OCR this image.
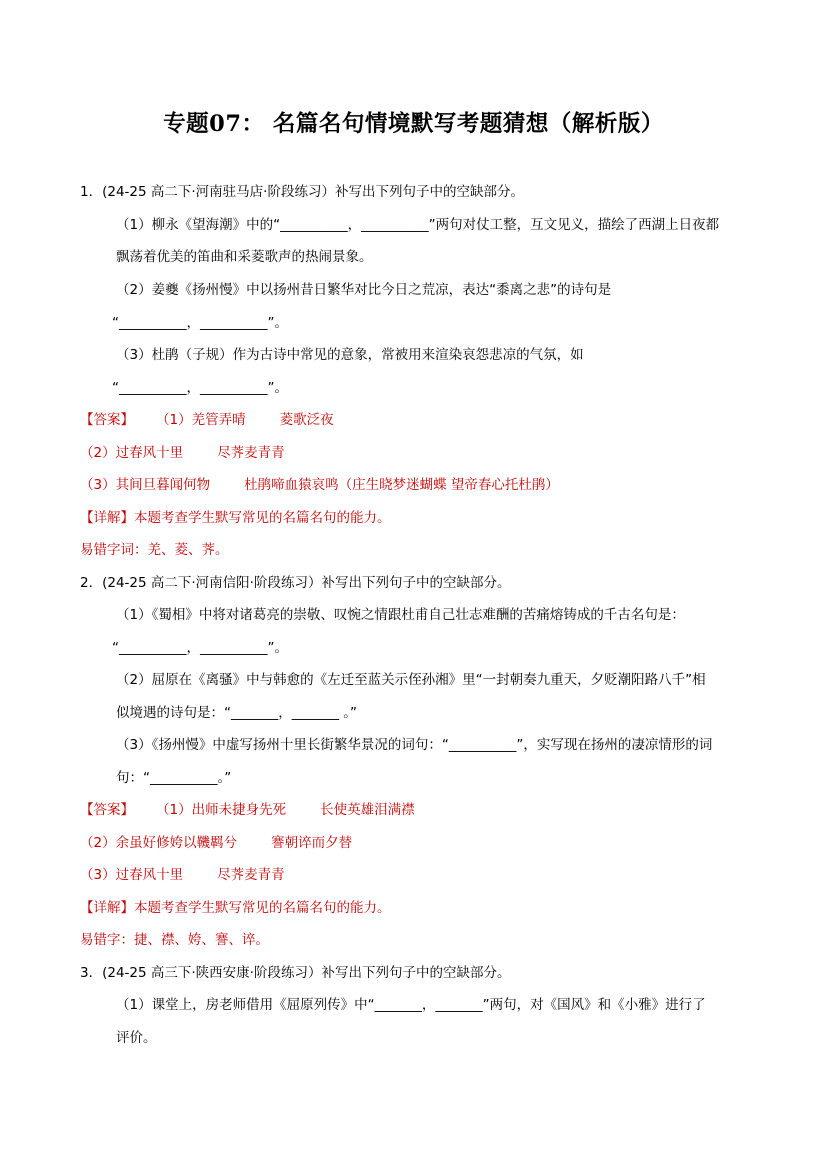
专题07： 名篇名句情境默写考题猜想（解析版）
1．(24-25 高二下·河南驻马店·阶段练习）补写出下列句子中的空缺部分。
（1）柳永《望海潮》中的“__________，__________”两句对仗工整，互文见义，描绘了西湖上日夜都
飘荡着优美的笛曲和采菱歌声的热闹景象。
（2）姜夔《扬州慢》中以扬州昔日繁华对比今日之荒凉，表达“黍离之悲”的诗句是
“__________，__________”。
（3）杜鹃（子规）作为古诗中常见的意象，常被用来渲染哀怨悲凉的气氛，如
“__________，__________”。
【答案】 （1）羌管弄晴	菱歌泛夜
（2）过春风十里	尽荠麦青青
（3）其间旦暮闻何物	杜鹃啼血猿哀鸣（庄生晓梦迷蝴蝶 望帝春心托杜鹃）
【详解】本题考查学生默写常见的名篇名句的能力。
易错字词：羌、菱、荠。
2．(24-25 高二下·河南信阳·阶段练习）补写出下列句子中的空缺部分。
（1）《蜀相》中将对诸葛亮的崇敬、叹惋之情跟杜甫自己壮志难酬的苦痛熔铸成的千古名句是：
“__________，__________”。
（2）屈原在《离骚》中与韩愈的《左迁至蓝关示侄孙湘》里“一封朝奏九重天，夕贬潮阳路八千”相
似境遇的诗句是：“_______，_______ 。”
（3）《扬州慢》中虚写扬州十里长街繁华景况的词句：“__________”，实写现在扬州的凄凉情形的词
句：“__________。”
【答案】 （1）出师未捷身先死	长使英雄泪满襟
（2）余虽好修姱以鞿羁兮	謇朝谇而夕替
（3）过春风十里	尽荠麦青青
【详解】本题考查学生默写常见的名篇名句的能力。
易错字：捷、襟、姱、謇、谇。
3．(24-25 高三下·陕西安康·阶段练习）补写出下列句子中的空缺部分。
（1）课堂上，房老师借用《屈原列传》中“_______，_______”两句，对《国风》和《小雅》进行了
评价。
